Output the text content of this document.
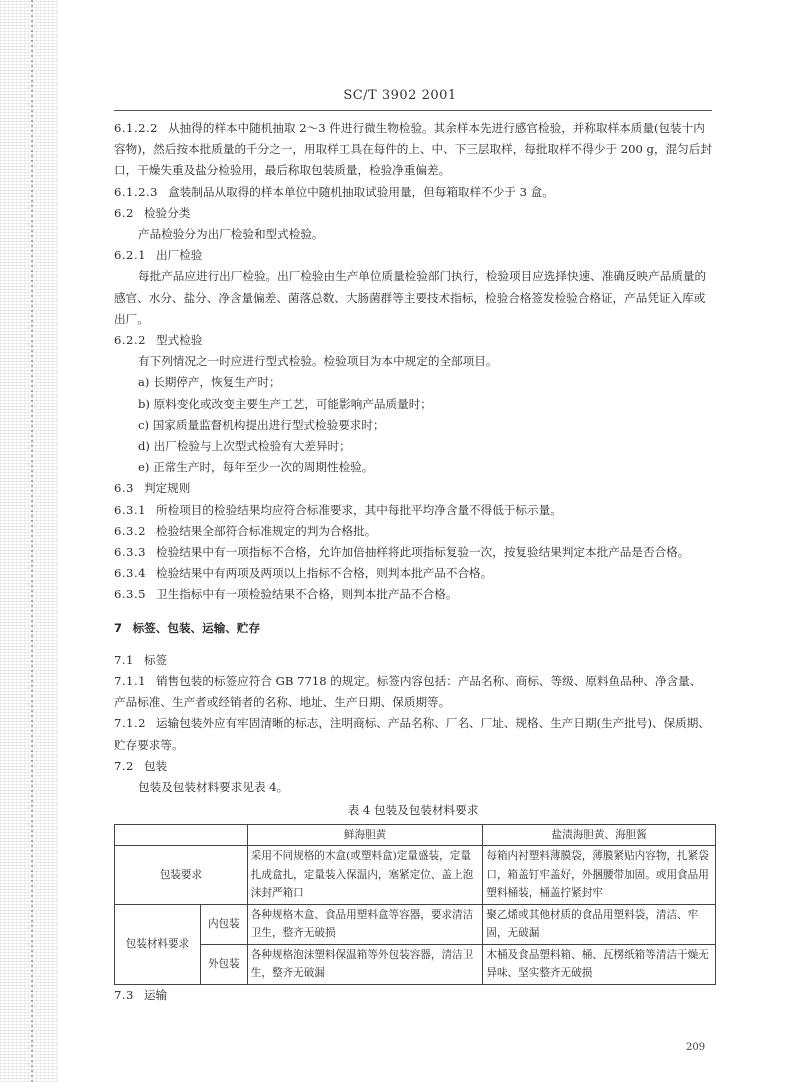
SC/T 3902 2001

6.1.2.2 从抽得的样本中随机抽取 2～3 件进行微生物检验。其余样本先进行感官检验，并称取样本质量(包装十内容物)，然后按本批质量的千分之一，用取样工具在每件的上、中、下三层取样，每批取样不得少于 200 g，混匀后封口，干燥失重及盐分检验用，最后称取包装质量，检验净重偏差。

6.1.2.3 盒装制品从取得的样本单位中随机抽取试验用量，但每箱取样不少于 3 盒。

6.2 检验分类

产品检验分为出厂检验和型式检验。

6.2.1 出厂检验

每批产品应进行出厂检验。出厂检验由生产单位质量检验部门执行，检验项目应选择快速、准确反映产品质量的感官、水分、盐分、净含量偏差、菌落总数、大肠菌群等主要技术指标，检验合格签发检验合格证，产品凭证入库或出厂。

6.2.2 型式检验

有下列情况之一时应进行型式检验。检验项目为本中规定的全部项目。

a) 长期停产，恢复生产时；

b) 原料变化或改变主要生产工艺，可能影响产品质量时；

c) 国家质量监督机构提出进行型式检验要求时；

d) 出厂检验与上次型式检验有大差异时；

e) 正常生产时，每年至少一次的周期性检验。

6.3 判定规则

6.3.1 所检项目的检验结果均应符合标准要求，其中每批平均净含量不得低于标示量。

6.3.2 检验结果全部符合标准规定的判为合格批。

6.3.3 检验结果中有一项指标不合格，允许加倍抽样将此项指标复验一次，按复验结果判定本批产品是否合格。

6.3.4 检验结果中有两项及两项以上指标不合格，则判本批产品不合格。

6.3.5 卫生指标中有一项检验结果不合格，则判本批产品不合格。

7 标签、包装、运输、贮存

7.1 标签

7.1.1 销售包装的标签应符合 GB 7718 的规定。标签内容包括：产品名称、商标、等级、原料鱼品种、净含量、产品标准、生产者或经销者的名称、地址、生产日期、保质期等。

7.1.2 运输包装外应有牢固清晰的标志，注明商标、产品名称、厂名、厂址、规格、生产日期(生产批号)、保质期、贮存要求等。

7.2 包装

包装及包装材料要求见表 4。

表 4 包装及包装材料要求

		鲜海胆黄	盐渍海胆黄、海胆酱
包装要求		采用不同规格的木盒(或塑料盒)定量盛装，定量扎成盒扎，定量装入保温内，塞紧定位、盖上泡沫封严箱口	每箱内衬塑料薄膜袋，薄膜紧贴内容物，扎紧袋口，箱盖钉牢盖好，外捆腰带加固。或用食品用塑料桶装，桶盖拧紧封牢
包装材料要求	内包装	各种规格木盒、食品用塑料盒等容器，要求清洁卫生，整齐无破损	聚乙烯或其他材质的食品用塑料袋，清洁、牢固，无破漏
	外包装	各种规格泡沫塑料保温箱等外包装容器，清洁卫生，整齐无破漏	木桶及食品塑料箱、桶、瓦楞纸箱等清洁干燥无异味、坚实整齐无破损

7.3 运输

209
